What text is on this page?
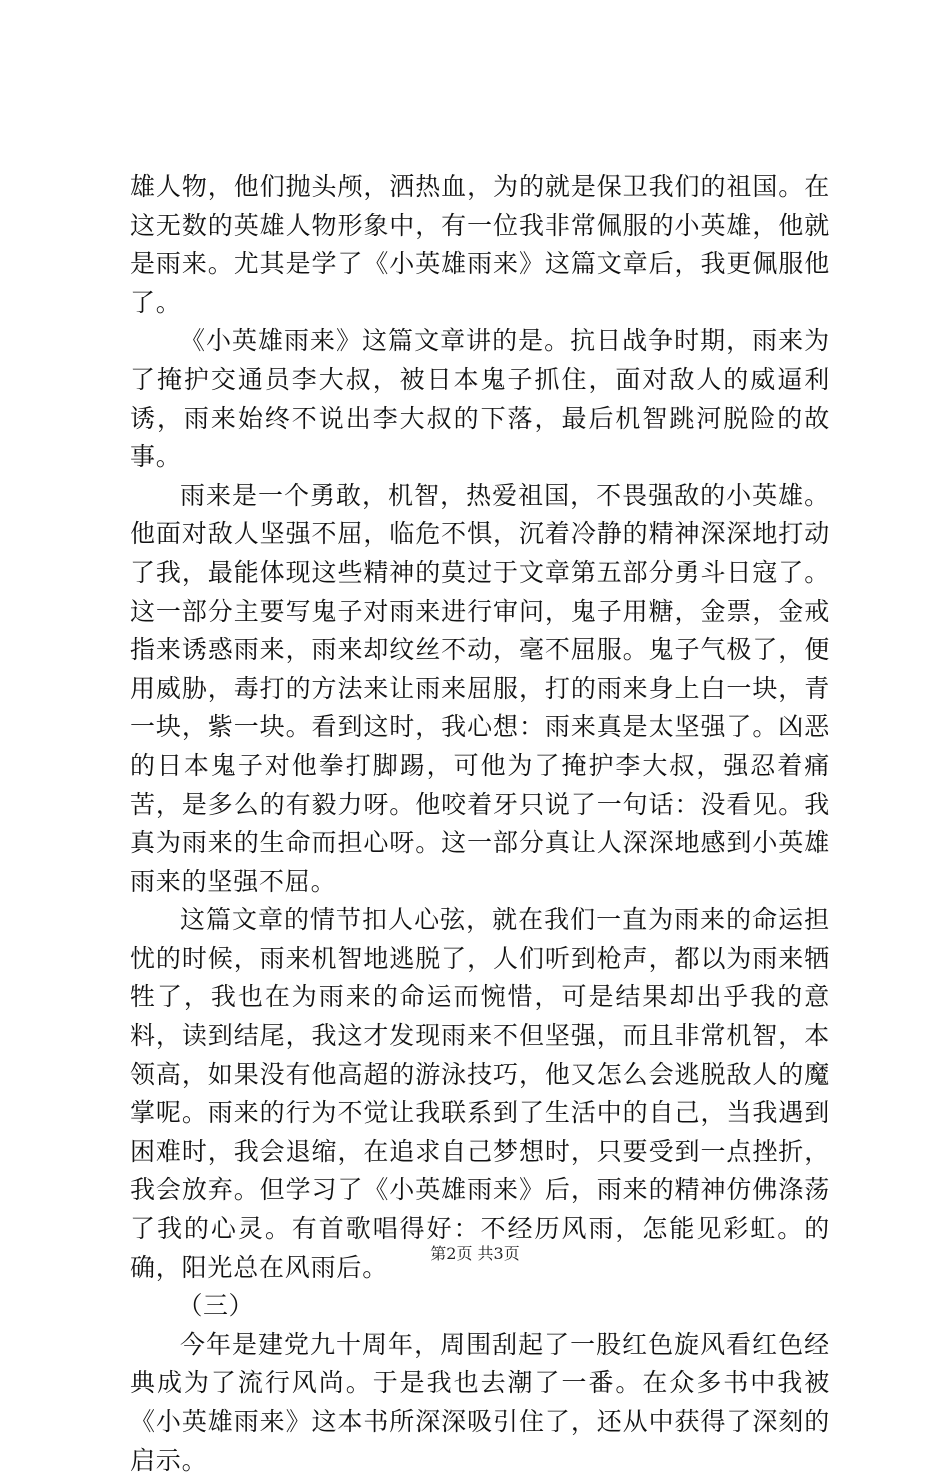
雄人物，他们抛头颅，洒热血，为的就是保卫我们的祖国。在这无数的英雄人物形象中，有一位我非常佩服的小英雄，他就是雨来。尤其是学了《小英雄雨来》这篇文章后，我更佩服他了。

《小英雄雨来》这篇文章讲的是。抗日战争时期，雨来为了掩护交通员李大叔，被日本鬼子抓住，面对敌人的威逼利诱，雨来始终不说出李大叔的下落，最后机智跳河脱险的故事。

雨来是一个勇敢，机智，热爱祖国，不畏强敌的小英雄。他面对敌人坚强不屈，临危不惧，沉着冷静的精神深深地打动了我，最能体现这些精神的莫过于文章第五部分勇斗日寇了。这一部分主要写鬼子对雨来进行审问，鬼子用糖，金票，金戒指来诱惑雨来，雨来却纹丝不动，毫不屈服。鬼子气极了，便用威胁，毒打的方法来让雨来屈服，打的雨来身上白一块，青一块，紫一块。看到这时，我心想：雨来真是太坚强了。凶恶的日本鬼子对他拳打脚踢，可他为了掩护李大叔，强忍着痛苦，是多么的有毅力呀。他咬着牙只说了一句话：没看见。我真为雨来的生命而担心呀。这一部分真让人深深地感到小英雄雨来的坚强不屈。

这篇文章的情节扣人心弦，就在我们一直为雨来的命运担忧的时候，雨来机智地逃脱了，人们听到枪声，都以为雨来牺牲了，我也在为雨来的命运而惋惜，可是结果却出乎我的意料，读到结尾，我这才发现雨来不但坚强，而且非常机智，本领高，如果没有他高超的游泳技巧，他又怎么会逃脱敌人的魔掌呢。雨来的行为不觉让我联系到了生活中的自己，当我遇到困难时，我会退缩，在追求自己梦想时，只要受到一点挫折，我会放弃。但学习了《小英雄雨来》后，雨来的精神仿佛涤荡了我的心灵。有首歌唱得好：不经历风雨，怎能见彩虹。的确，阳光总在风雨后。

（三）

今年是建党九十周年，周围刮起了一股红色旋风看红色经典成为了流行风尚。于是我也去潮了一番。在众多书中我被《小英雄雨来》这本书所深深吸引住了，还从中获得了深刻的启示。

第2页 共3页
